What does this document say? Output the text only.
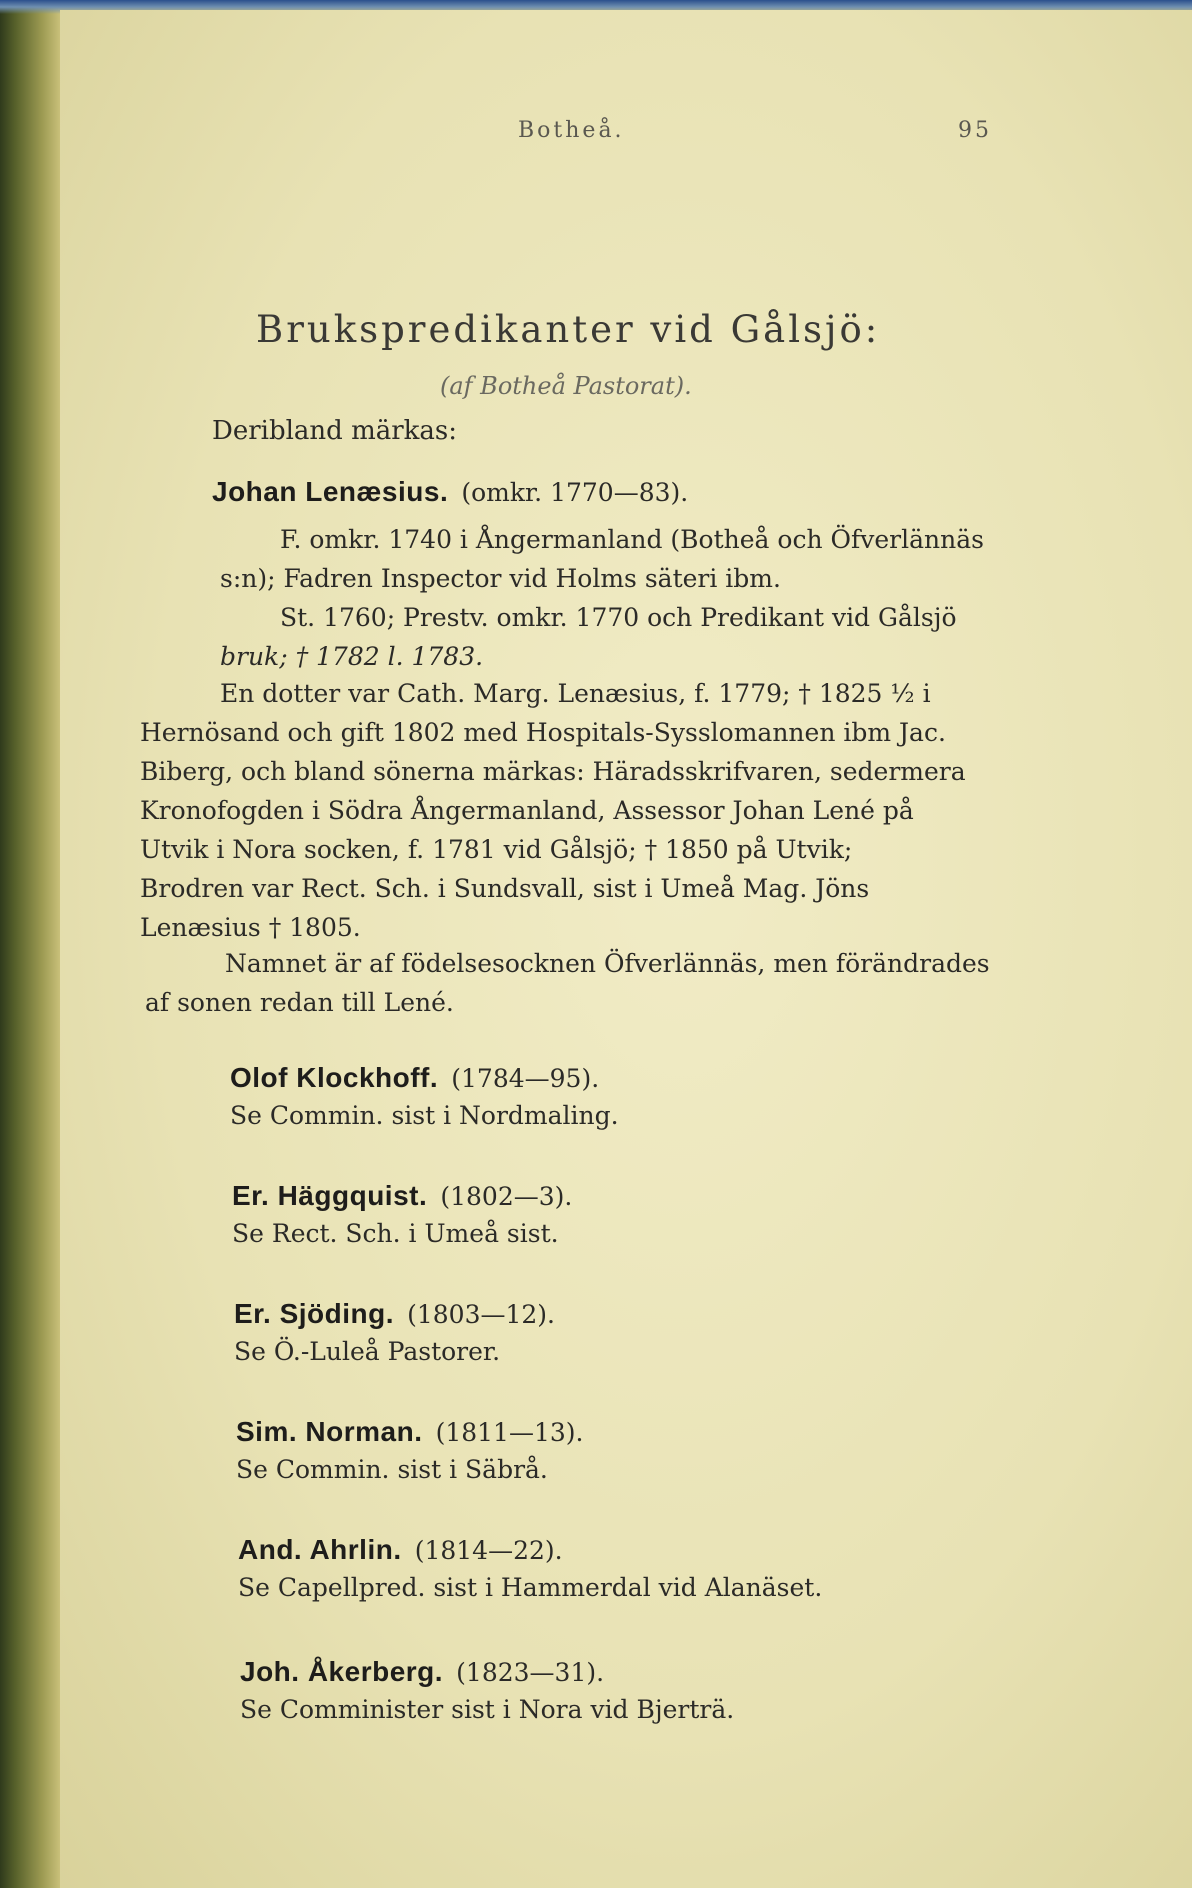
Botheå.	95
Brukspredikanter vid Gålsjö:
(af Botheå Pastorat).
Deribland märkas:
Johan Lenæsius. (omkr. 1770—83).
F. omkr. 1740 i Ångermanland (Botheå och Öfverlännäs
s:n); Fadren Inspector vid Holms säteri ibm.
St. 1760; Prestv. omkr. 1770 och Predikant vid Gålsjö
bruk; † 1782 l. 1783.
En dotter var Cath. Marg. Lenæsius, f. 1779; † 1825 ½ i
Hernösand och gift 1802 med Hospitals-Sysslomannen ibm Jac.
Biberg, och bland sönerna märkas: Häradsskrifvaren, sedermera
Kronofogden i Södra Ångermanland, Assessor Johan Lené på
Utvik i Nora socken, f. 1781 vid Gålsjö; † 1850 på Utvik;
Brodren var Rect. Sch. i Sundsvall, sist i Umeå Mag. Jöns
Lenæsius † 1805.
Namnet är af födelsesocknen Öfverlännäs, men förändrades
af sonen redan till Lené.
Olof Klockhoff. (1784—95).
Se Commin. sist i Nordmaling.
Er. Häggquist. (1802—3).
Se Rect. Sch. i Umeå sist.
Er. Sjöding. (1803—12).
Se Ö.-Luleå Pastorer.
Sim. Norman. (1811—13).
Se Commin. sist i Säbrå.
And. Ahrlin. (1814—22).
Se Capellpred. sist i Hammerdal vid Alanäset.
Joh. Åkerberg. (1823—31).
Se Comminister sist i Nora vid Bjerträ.
